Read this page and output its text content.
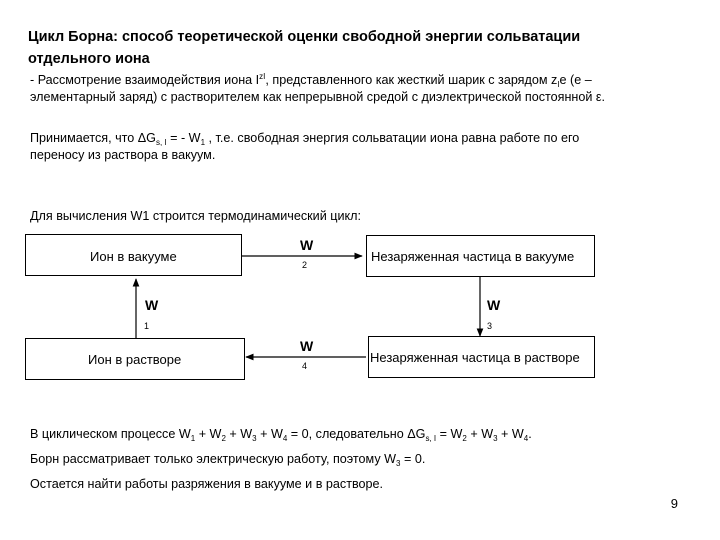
Цикл Борна: способ теоретической оценки свободной энергии сольватации
отдельного иона
- Рассмотрение взаимодействия иона $I^{zI}$, представленного как жесткий шарик с зарядом $z_Ie$ (e –
элементарный заряд) с растворителем как непрерывной средой с диэлектрической постоянной ε.
Принимается, что $\Delta G_{s, I}$ = - $W_1$ , т.е. свободная энергия сольватации иона равна работе по его
переносу из раствора в вакуум.
Для вычисления W1 строится термодинамический цикл:
Ион в вакууме	Незаряженная частица в вакууме
Ион в растворе	Незаряженная частица в растворе
W
2
W
1
W
3
W
4
В циклическом процессе $W_1 + W_2 + W_3 + W_4 = 0$, следовательно $\Delta G_{s, I} = W_2 + W_3 + W_4$.
Борн рассматривает только электрическую работу, поэтому $W_3 = 0$.
Остается найти работы разряжения в вакууме и в растворе.
9
